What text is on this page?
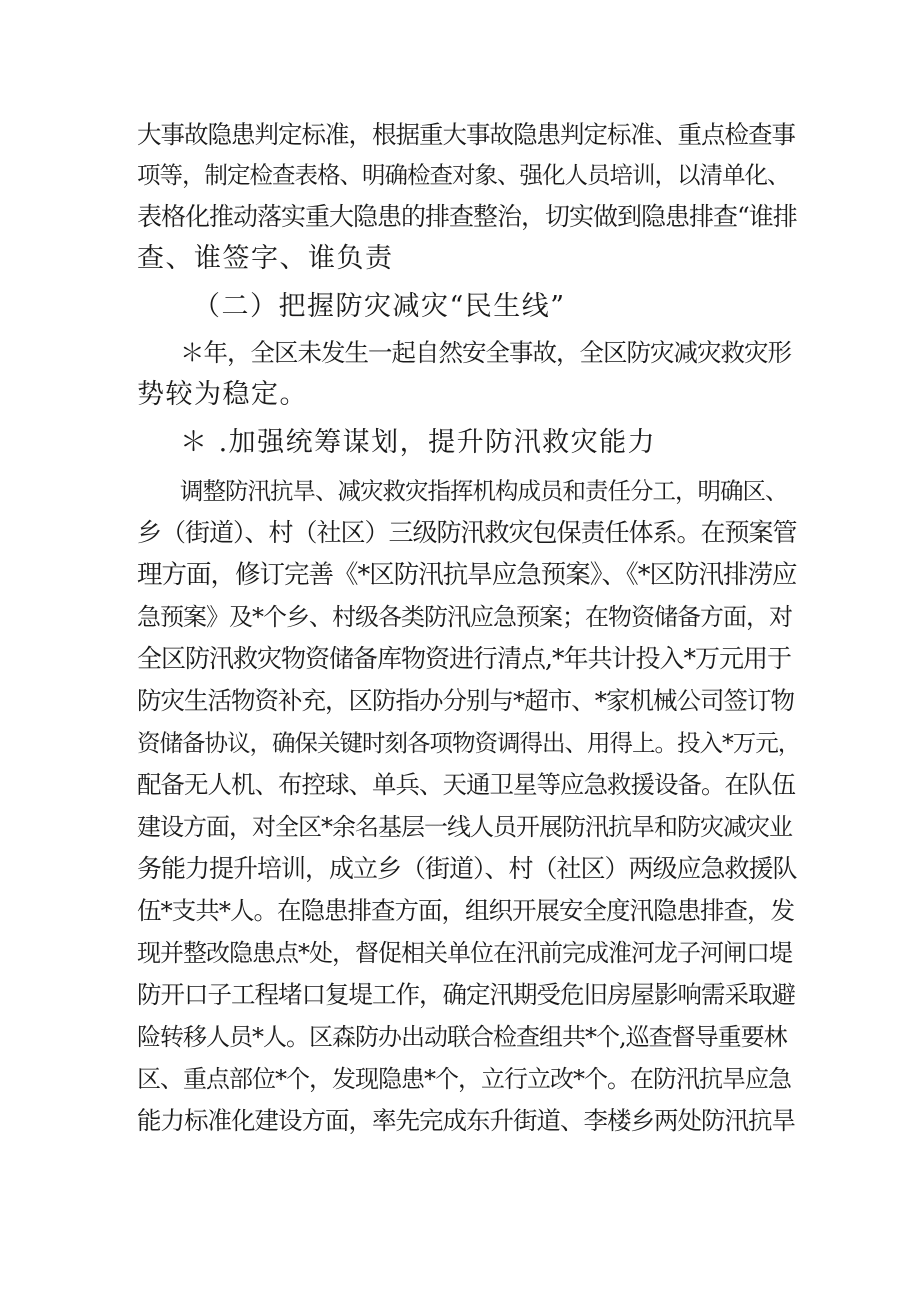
大事故隐患判定标准，根据重大事故隐患判定标准、重点检查事
项等，制定检查表格、明确检查对象、强化人员培训，以清单化、
表格化推动落实重大隐患的排查整治，切实做到隐患排查“谁排
查、谁签字、谁负责
（二）把握防灾减灾“民生线”
＊年，全区未发生一起自然安全事故，全区防灾减灾救灾形
势较为稳定。
＊ .加强统筹谋划，提升防汛救灾能力
调整防汛抗旱、减灾救灾指挥机构成员和责任分工，明确区、
乡（街道）、村（社区）三级防汛救灾包保责任体系。在预案管
理方面，修订完善《*区防汛抗旱应急预案》、《*区防汛排涝应
急预案》及*个乡、村级各类防汛应急预案；在物资储备方面，对
全区防汛救灾物资储备库物资进行清点,*年共计投入*万元用于
防灾生活物资补充，区防指办分别与*超市、*家机械公司签订物
资储备协议，确保关键时刻各项物资调得出、用得上。投入*万元，
配备无人机、布控球、单兵、天通卫星等应急救援设备。在队伍
建设方面，对全区*余名基层一线人员开展防汛抗旱和防灾减灾业
务能力提升培训，成立乡（街道）、村（社区）两级应急救援队
伍*支共*人。在隐患排查方面，组织开展安全度汛隐患排查，发
现并整改隐患点*处，督促相关单位在汛前完成淮河龙子河闸口堤
防开口子工程堵口复堤工作，确定汛期受危旧房屋影响需采取避
险转移人员*人。区森防办出动联合检查组共*个,巡查督导重要林
区、重点部位*个，发现隐患*个，立行立改*个。在防汛抗旱应急
能力标准化建设方面，率先完成东升街道、李楼乡两处防汛抗旱
